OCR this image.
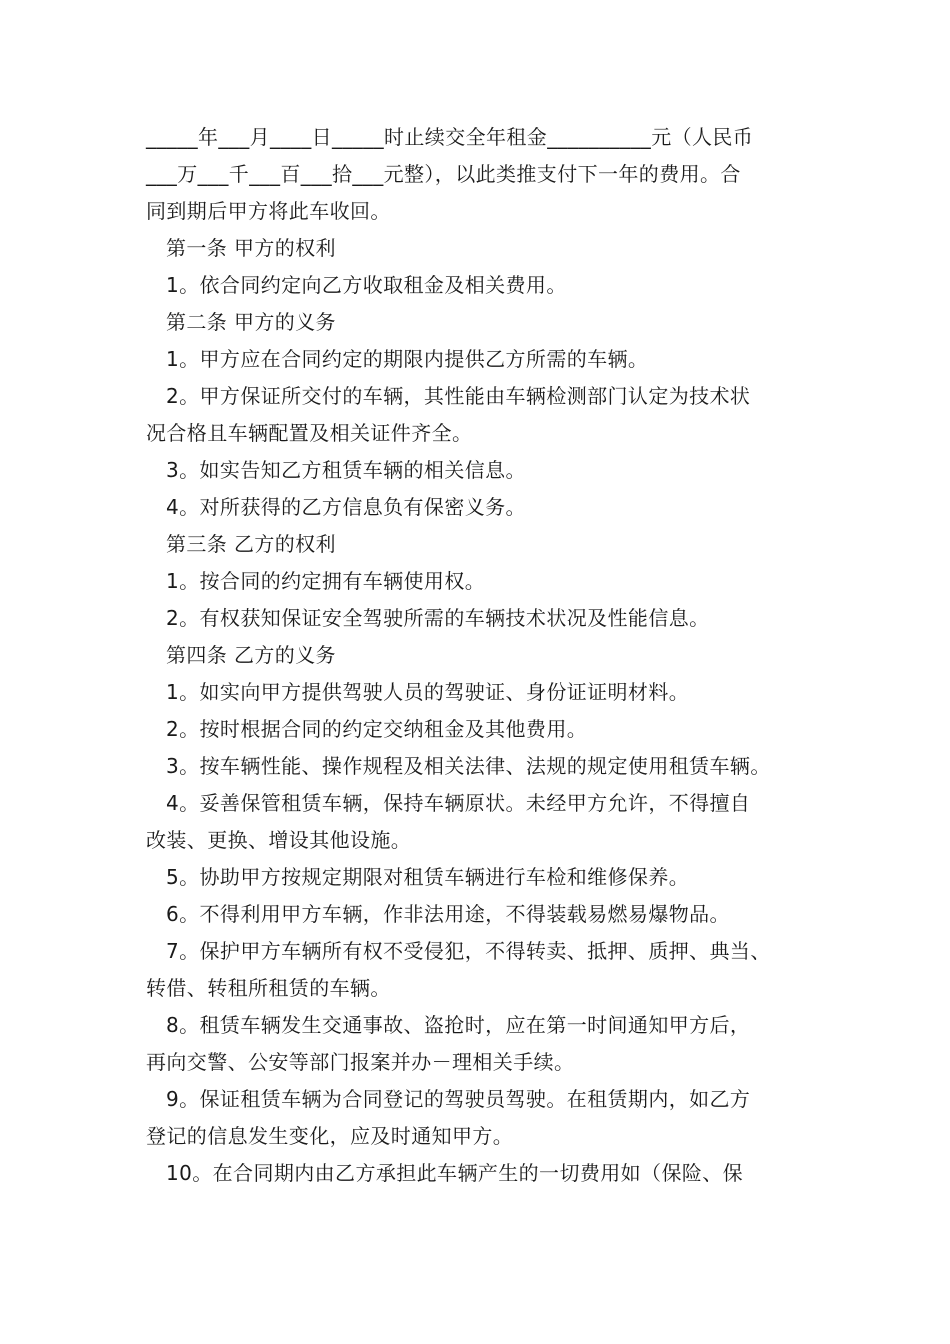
_____年___月____日_____时止续交全年租金__________元（人民币
___万___千___百___拾___元整），以此类推支付下一年的费用。合
同到期后甲方将此车收回。
第一条 甲方的权利
1。依合同约定向乙方收取租金及相关费用。
第二条 甲方的义务
1。甲方应在合同约定的期限内提供乙方所需的车辆。
2。甲方保证所交付的车辆，其性能由车辆检测部门认定为技术状
况合格且车辆配置及相关证件齐全。
3。如实告知乙方租赁车辆的相关信息。
4。对所获得的乙方信息负有保密义务。
第三条 乙方的权利
1。按合同的约定拥有车辆使用权。
2。有权获知保证安全驾驶所需的车辆技术状况及性能信息。
第四条 乙方的义务
1。如实向甲方提供驾驶人员的驾驶证、身份证证明材料。
2。按时根据合同的约定交纳租金及其他费用。
3。按车辆性能、操作规程及相关法律、法规的规定使用租赁车辆。
4。妥善保管租赁车辆，保持车辆原状。未经甲方允许，不得擅自
改装、更换、增设其他设施。
5。协助甲方按规定期限对租赁车辆进行车检和维修保养。
6。不得利用甲方车辆，作非法用途，不得装载易燃易爆物品。
7。保护甲方车辆所有权不受侵犯，不得转卖、抵押、质押、典当、
转借、转租所租赁的车辆。
8。租赁车辆发生交通事故、盗抢时，应在第一时间通知甲方后，
再向交警、公安等部门报案并办－理相关手续。
9。保证租赁车辆为合同登记的驾驶员驾驶。在租赁期内，如乙方
登记的信息发生变化，应及时通知甲方。
10。在合同期内由乙方承担此车辆产生的一切费用如（保险、保
